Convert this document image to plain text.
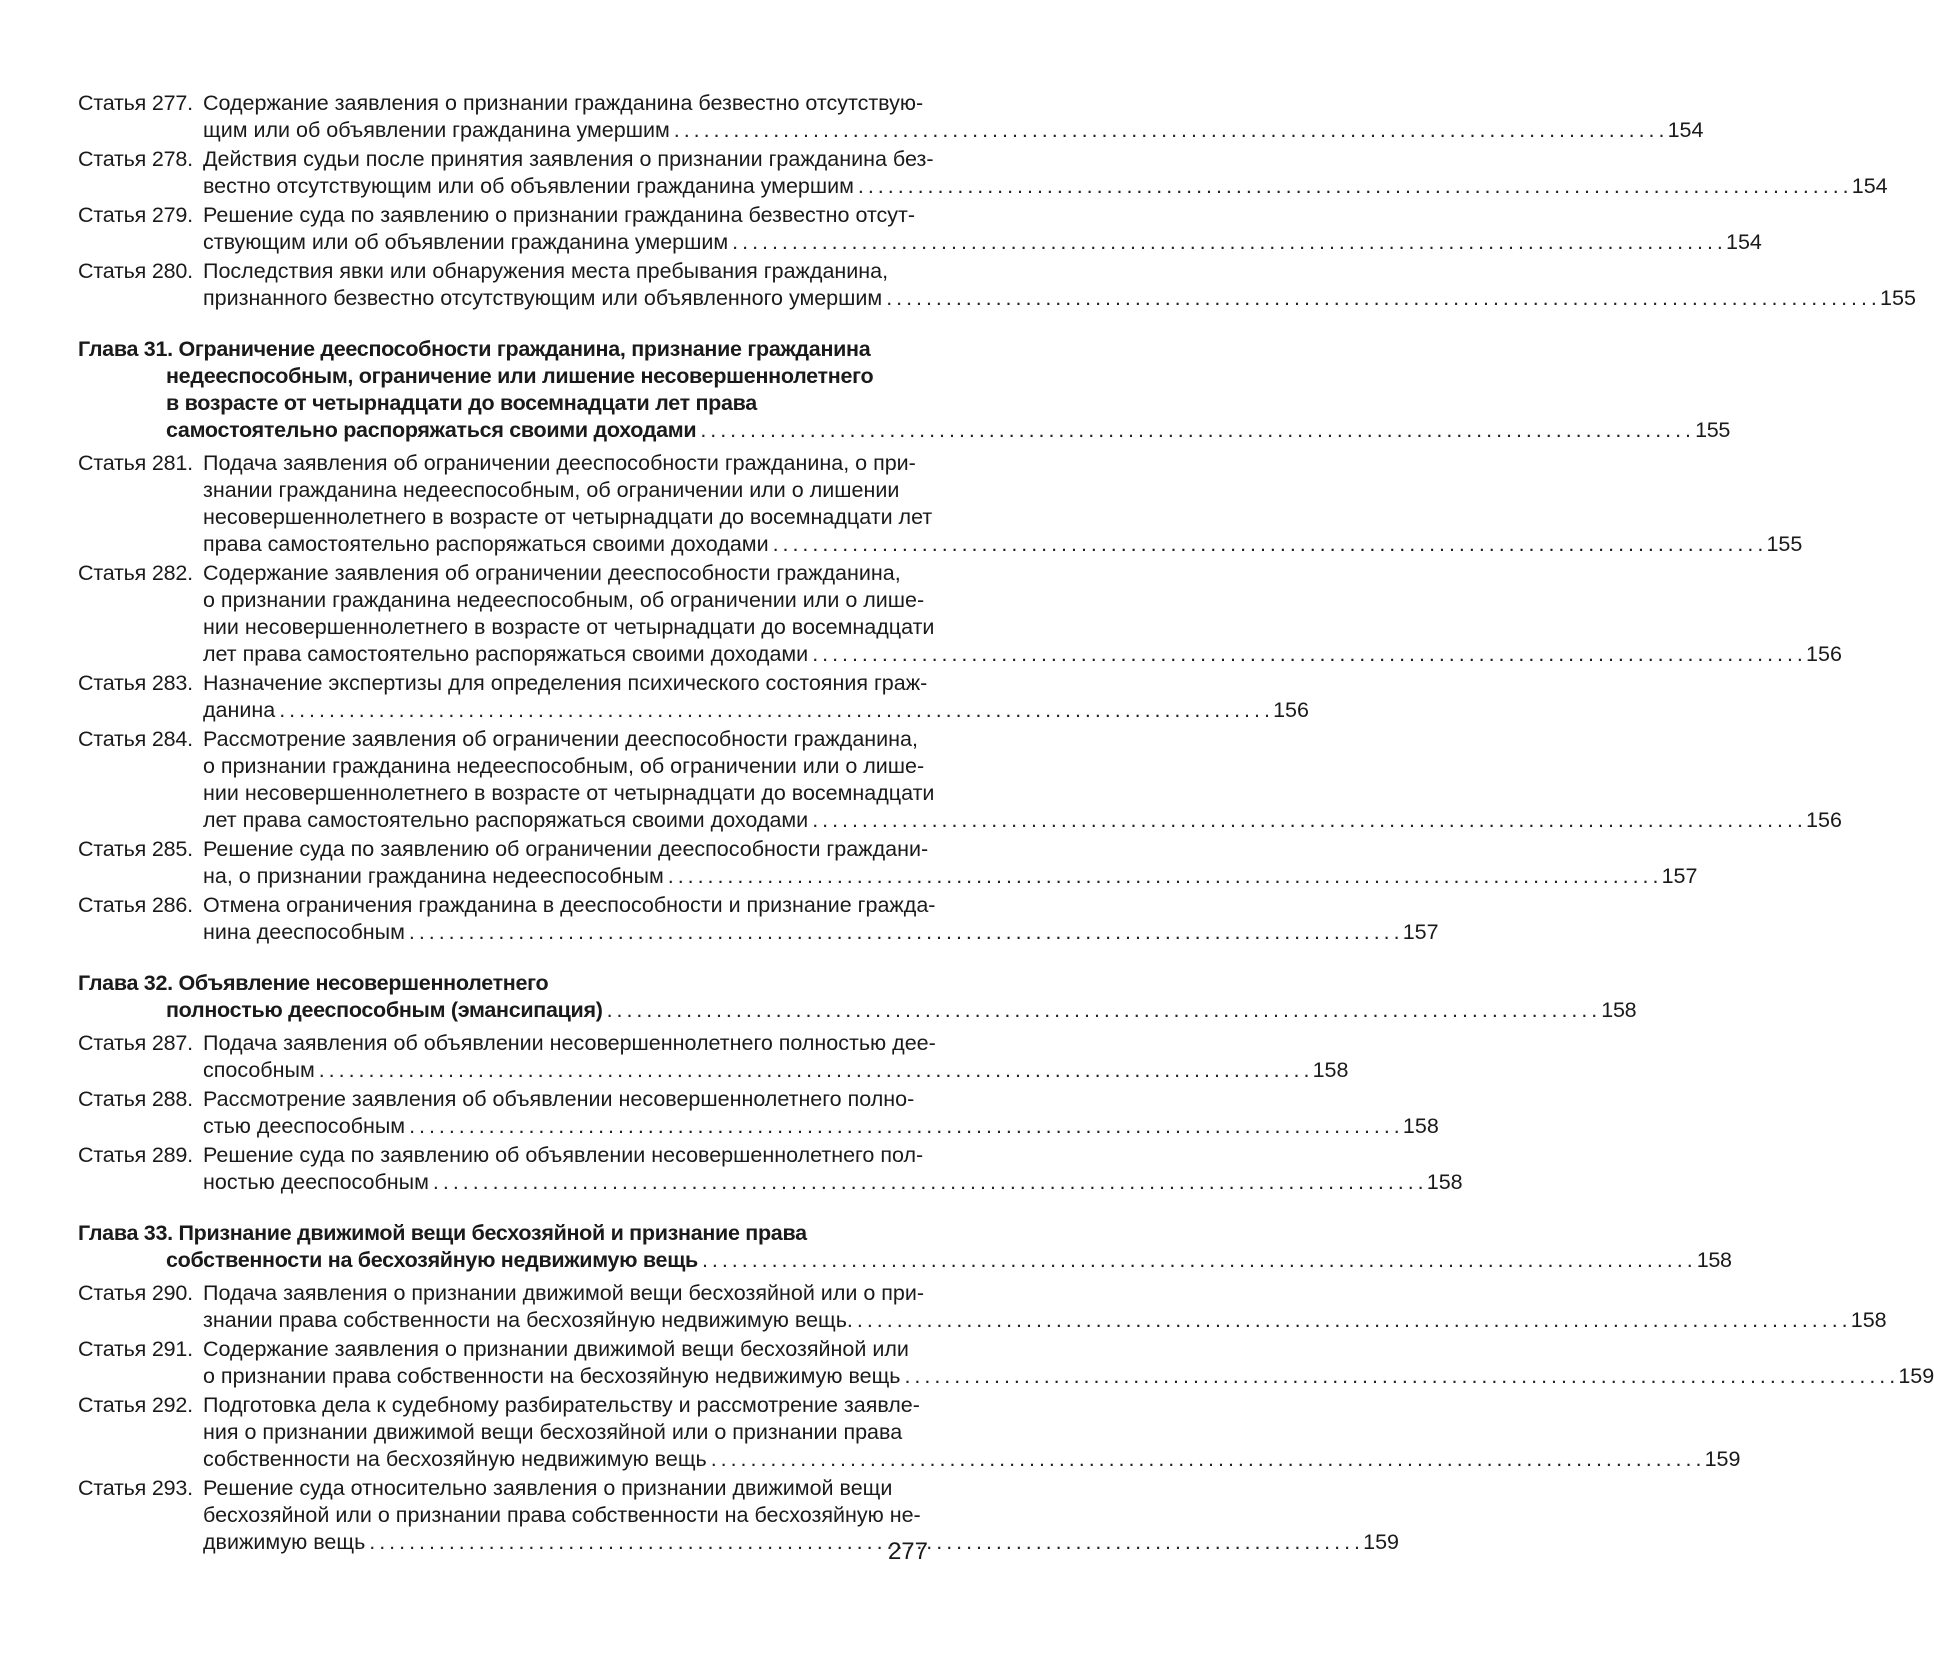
Статья 277. Содержание заявления о признании гражданина безвестно отсутствую-
щим или об объявлении гражданина умершим . . .	154
Статья 278. Действия судьи после принятия заявления о признании гражданина без-
вестно отсутствующим или об объявлении гражданина умершим . . .	154
Статья 279. Решение суда по заявлению о признании гражданина безвестно отсут-
ствующим или об объявлении гражданина умершим . . .	154
Статья 280. Последствия явки или обнаружения места пребывания гражданина,
признанного безвестно отсутствующим или объявленного умершим . . .	155
Глава 31. Ограничение дееспособности гражданина, признание гражданина
недееспособным, ограничение или лишение несовершеннолетнего
в возрасте от четырнадцати до восемнадцати лет права
самостоятельно распоряжаться своими доходами . . .	155
Статья 281. Подача заявления об ограничении дееспособности гражданина, о при-
знании гражданина недееспособным, об ограничении или о лишении
несовершеннолетнего в возрасте от четырнадцати до восемнадцати лет
права самостоятельно распоряжаться своими доходами . . .	155
Статья 282. Содержание заявления об ограничении дееспособности гражданина,
о признании гражданина недееспособным, об ограничении или о лише-
нии несовершеннолетнего в возрасте от четырнадцати до восемнадцати
лет права самостоятельно распоряжаться своими доходами . . .	156
Статья 283. Назначение экспертизы для определения психического состояния граж-
данина . . .	156
Статья 284. Рассмотрение заявления об ограничении дееспособности гражданина,
о признании гражданина недееспособным, об ограничении или о лише-
нии несовершеннолетнего в возрасте от четырнадцати до восемнадцати
лет права самостоятельно распоряжаться своими доходами . . .	156
Статья 285. Решение суда по заявлению об ограничении дееспособности граждани-
на, о признании гражданина недееспособным . . .	157
Статья 286. Отмена ограничения гражданина в дееспособности и признание гражда-
нина дееспособным . . .	157
Глава 32. Объявление несовершеннолетнего
полностью дееспособным (эмансипация) . . .	158
Статья 287. Подача заявления об объявлении несовершеннолетнего полностью дее-
способным . . .	158
Статья 288. Рассмотрение заявления об объявлении несовершеннолетнего полно-
стью дееспособным . . .	158
Статья 289. Решение суда по заявлению об объявлении несовершеннолетнего пол-
ностью дееспособным . . .	158
Глава 33. Признание движимой вещи бесхозяйной и признание права
собственности на бесхозяйную недвижимую вещь . . .	158
Статья 290. Подача заявления о признании движимой вещи бесхозяйной или о при-
знании права собственности на бесхозяйную недвижимую вещь. . . .	158
Статья 291. Содержание заявления о признании движимой вещи бесхозяйной или
о признании права собственности на бесхозяйную недвижимую вещь . . .	159
Статья 292. Подготовка дела к судебному разбирательству и рассмотрение заявле-
ния о признании движимой вещи бесхозяйной или о признании права
собственности на бесхозяйную недвижимую вещь . . .	159
Статья 293. Решение суда относительно заявления о признании движимой вещи
бесхозяйной или о признании права собственности на бесхозяйную не-
движимую вещь . . .	159
277
